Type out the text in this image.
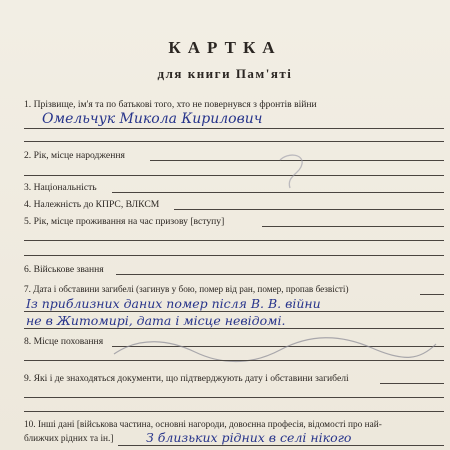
КАРТКА
для книги Пам'яті
1. Прізвище, ім'я та по батькові того, хто не повернувся з фронтів війни
Омельчук Микола Кирилович
2. Рік, місце народження
3. Національність
4. Належність до КПРС, ВЛКСМ
5. Рік, місце проживання на час призову [вступу]
6. Військове звання
7. Дата і обставини загибелі (загинув у бою, помер від ран, помер, пропав безвісті)
Із приблизних даних помер після В. В. війни
не в Житомирі, дата і місце невідомі.
8. Місце поховання
9. Які і де знаходяться документи, що підтверджують дату і обставини загибелі
10. Інші дані [військова частина, основні нагороди, довоєнна професія, відомості про най-
ближчих рідних та ін.]	З близьких рідних в селі нікого
